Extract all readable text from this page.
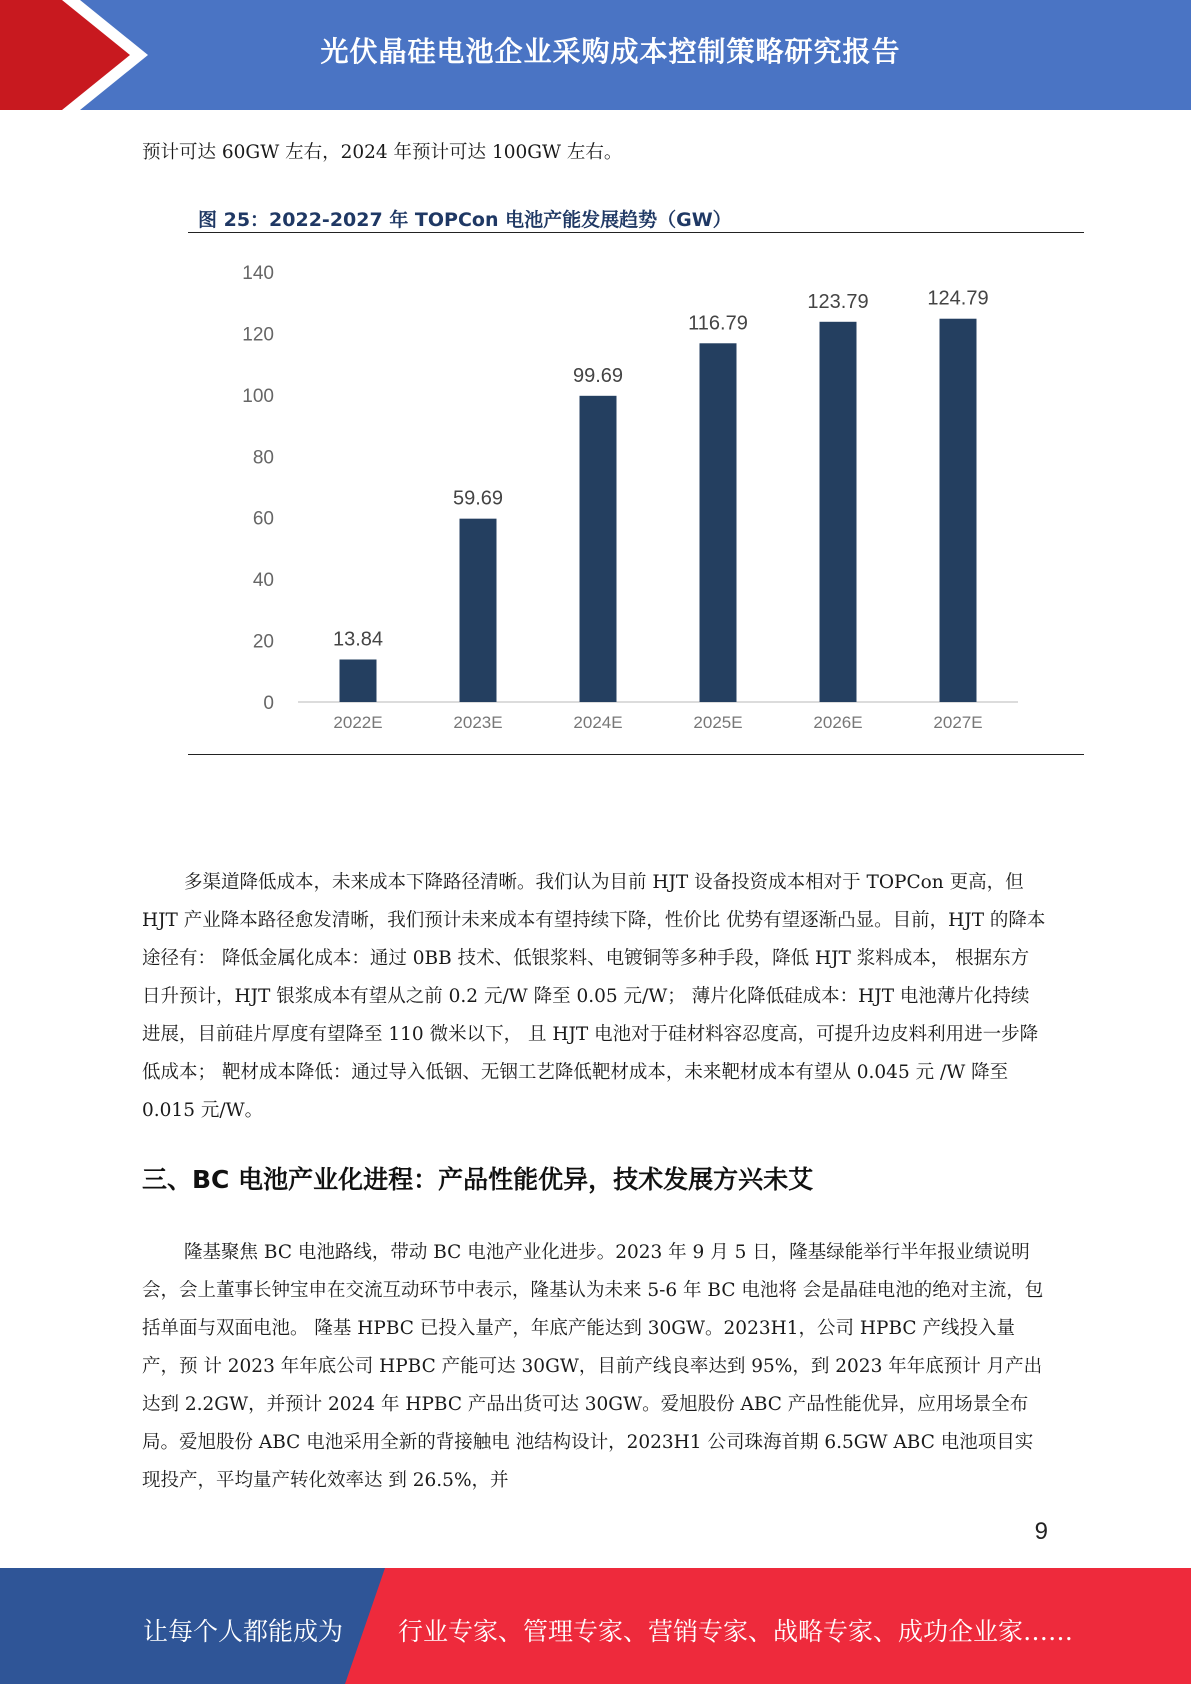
光伏晶硅电池企业采购成本控制策略研究报告
预计可达 60GW 左右，2024 年预计可达 100GW 左右。
图 25：2022-2027 年 TOPCon 电池产能发展趋势（GW）
0
20
40
60
80
100
120
140
13.84
59.69
99.69
116.79
123.79	124.79
2022E	2023E	2024E	2025E	2026E	2027E
多渠道降低成本，未来成本下降路径清晰。我们认为目前 HJT 设备投资成本相对于 TOPCon 更高，但 HJT 产业降本路径愈发清晰，我们预计未来成本有望持续下降，性价比 优势有望逐渐凸显。目前，HJT 的降本途径有： 降低金属化成本：通过 0BB 技术、低银浆料、电镀铜等多种手段，降低 HJT 浆料成本， 根据东方日升预计，HJT 银浆成本有望从之前 0.2 元/W 降至 0.05 元/W； 薄片化降低硅成本：HJT 电池薄片化持续进展，目前硅片厚度有望降至 110 微米以下， 且 HJT 电池对于硅材料容忍度高，可提升边皮料利用进一步降低成本； 靶材成本降低：通过导入低铟、无铟工艺降低靶材成本，未来靶材成本有望从 0.045 元 /W 降至 0.015 元/W。
三、BC 电池产业化进程：产品性能优异，技术发展方兴未艾
隆基聚焦 BC 电池路线，带动 BC 电池产业化进步。2023 年 9 月 5 日，隆基绿能举行半年报业绩说明会，会上董事长钟宝申在交流互动环节中表示，隆基认为未来 5-6 年 BC 电池将 会是晶硅电池的绝对主流，包括单面与双面电池。 隆基 HPBC 已投入量产，年底产能达到 30GW。2023H1，公司 HPBC 产线投入量产，预 计 2023 年年底公司 HPBC 产能可达 30GW，目前产线良率达到 95%，到 2023 年年底预计 月产出达到 2.2GW，并预计 2024 年 HPBC 产品出货可达 30GW。爱旭股份 ABC 产品性能优异，应用场景全布局。爱旭股份 ABC 电池采用全新的背接触电 池结构设计，2023H1 公司珠海首期 6.5GW ABC 电池项目实现投产，平均量产转化效率达 到 26.5%，并
9
让每个人都能成为 行业专家、管理专家、营销专家、战略专家、成功企业家……
